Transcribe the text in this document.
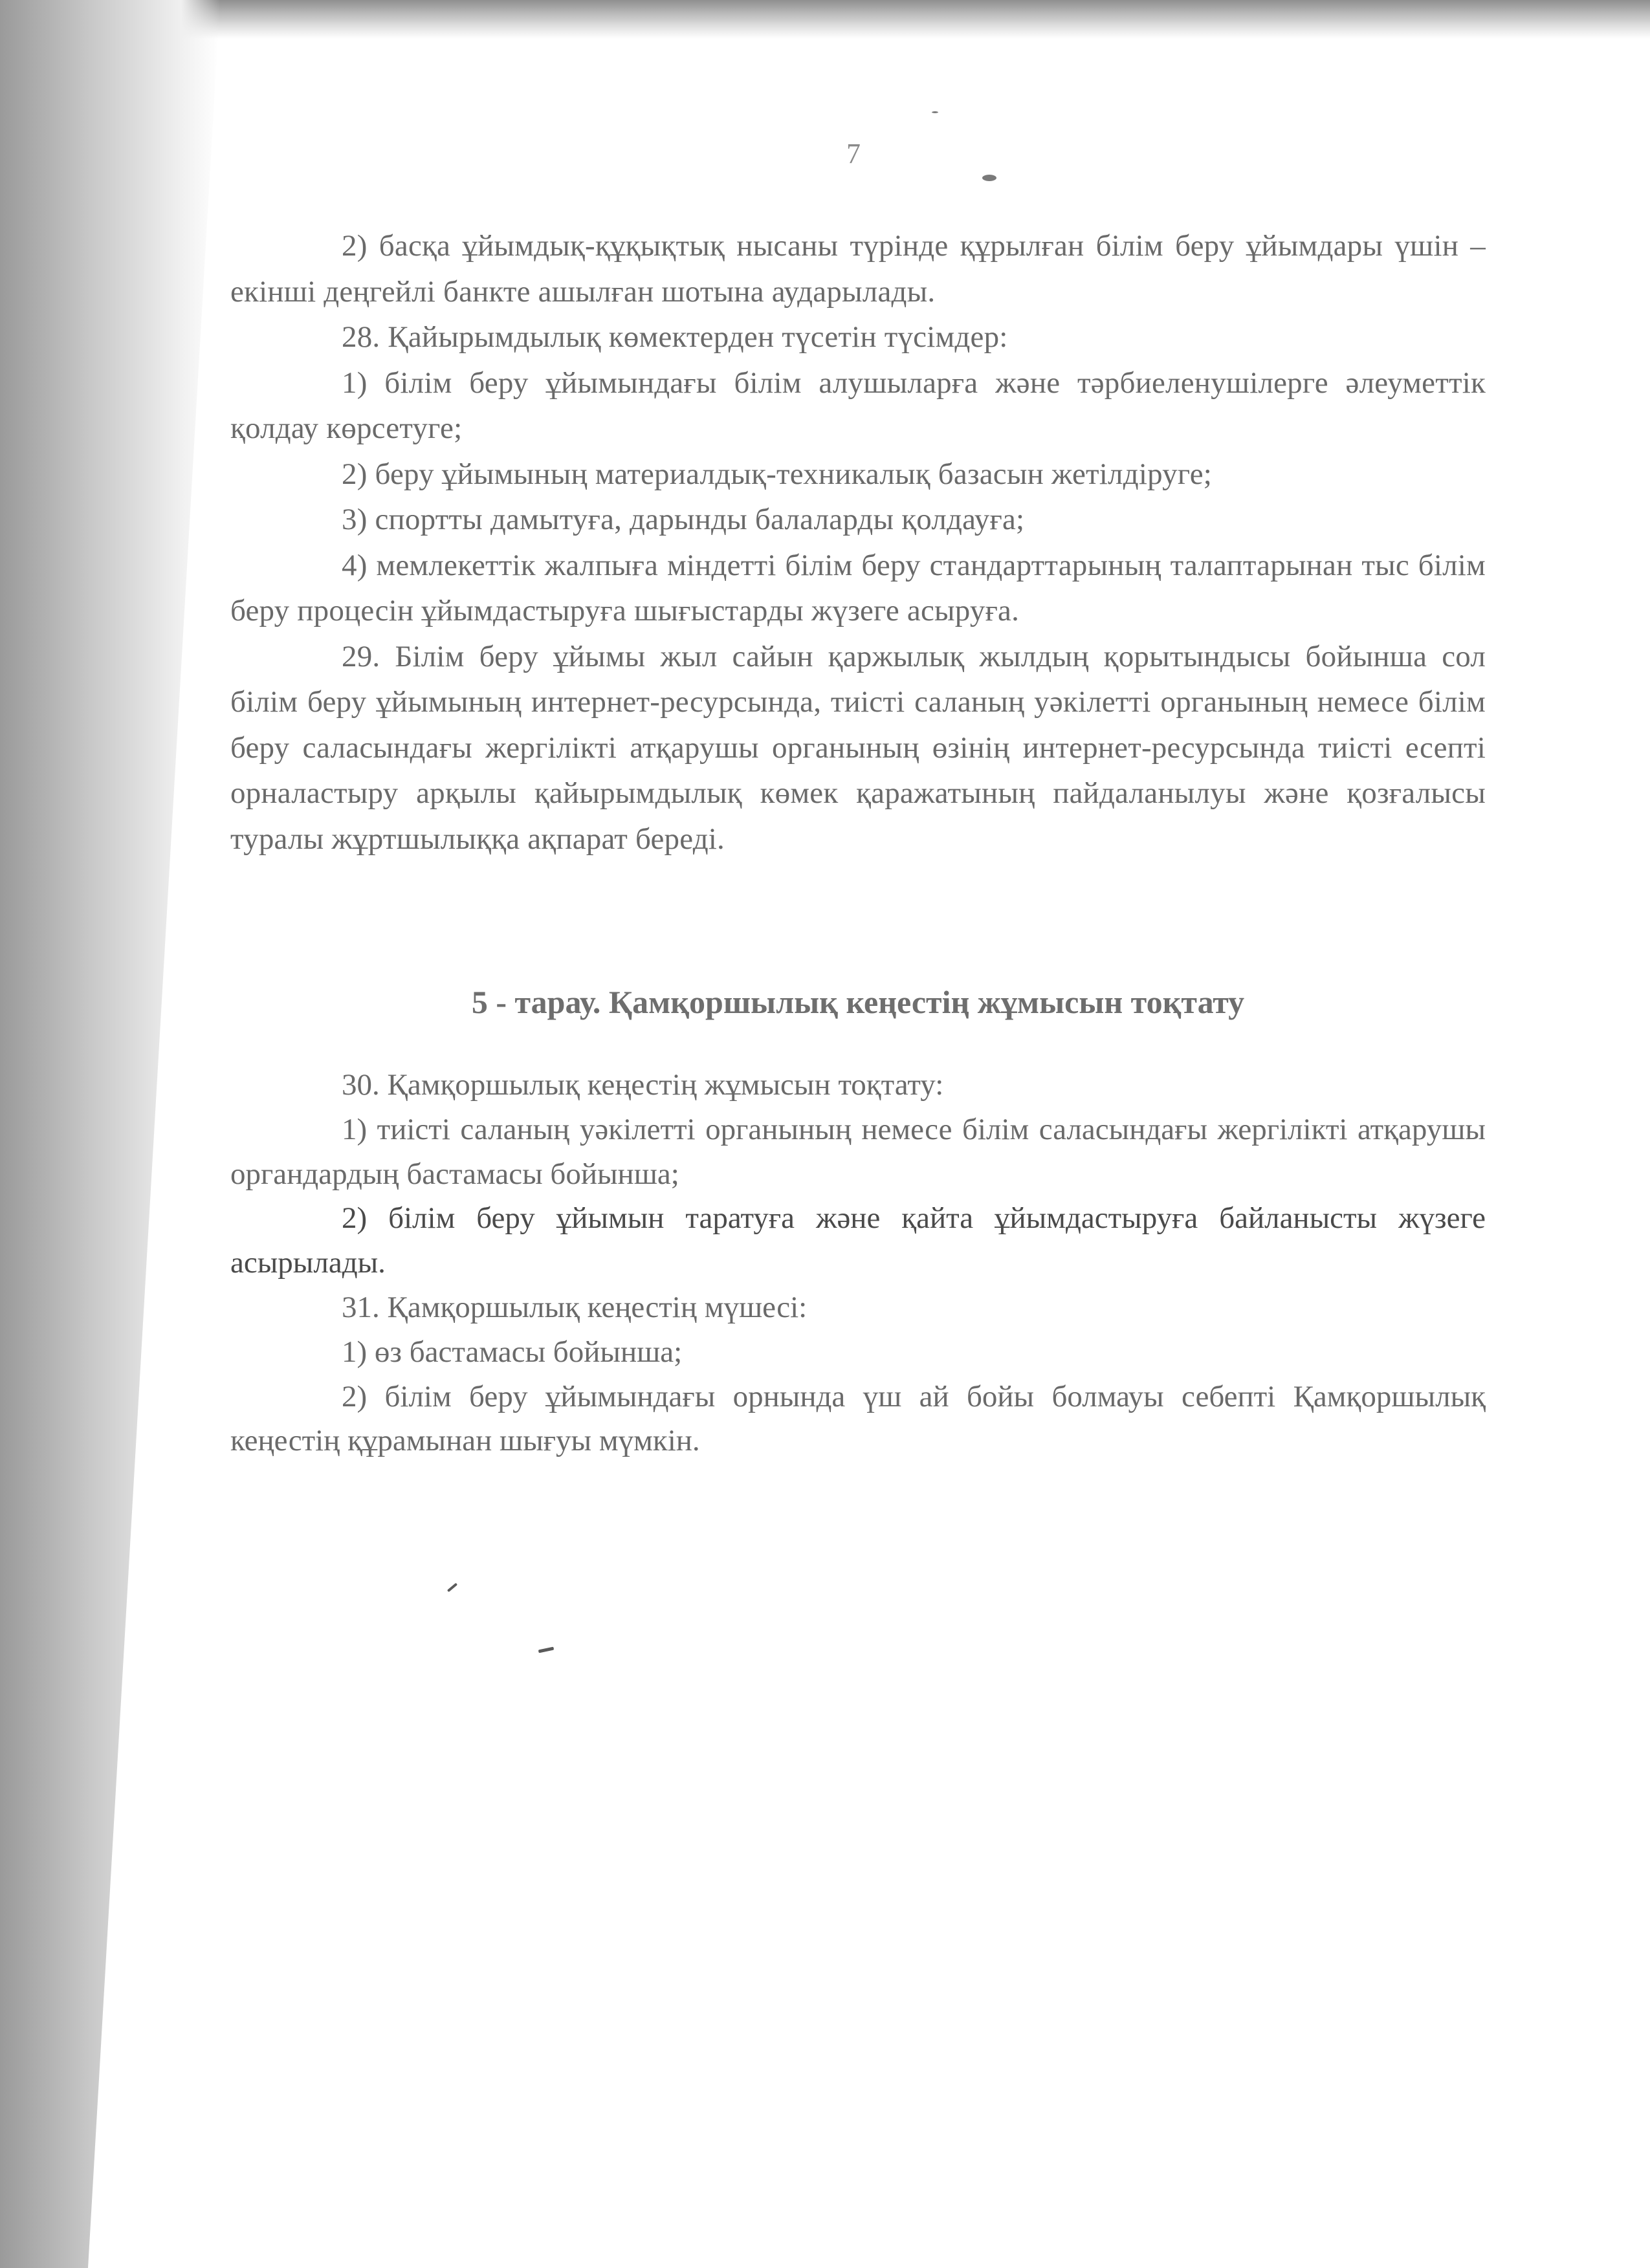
7

2) басқа ұйымдық-құқықтық нысаны түрінде құрылған білім беру ұйымдары үшін – екінші деңгейлі банкте ашылған шотына аударылады.

28. Қайырымдылық көмектерден түсетін түсімдер:

1) білім беру ұйымындағы білім алушыларға және тәрбиеленушілерге әлеуметтік қолдау көрсетуге;

2) беру ұйымының материалдық-техникалық базасын жетілдіруге;

3) спортты дамытуға, дарынды балаларды қолдауға;

4) мемлекеттік жалпыға міндетті білім беру стандарттарының талаптарынан тыс білім беру процесін ұйымдастыруға шығыстарды жүзеге асыруға.

29. Білім беру ұйымы жыл сайын қаржылық жылдың қорытындысы бойынша сол білім беру ұйымының интернет-ресурсында, тиісті саланың уәкілетті органының немесе білім беру саласындағы жергілікті атқарушы органының өзінің интернет-ресурсында тиісті есепті орналастыру арқылы қайырымдылық көмек қаражатының пайдаланылуы және қозғалысы туралы жұртшылыққа ақпарат береді.

5 - тарау. Қамқоршылық кеңестің жұмысын тоқтату

30. Қамқоршылық кеңестің жұмысын тоқтату:

1) тиісті саланың уәкілетті органының немесе білім саласындағы жергілікті атқарушы органдардың бастамасы бойынша;

2) білім беру ұйымын таратуға және қайта ұйымдастыруға байланысты жүзеге асырылады.

31. Қамқоршылық кеңестің мүшесі:

1) өз бастамасы бойынша;

2) білім беру ұйымындағы орнында үш ай бойы болмауы себепті Қамқоршылық кеңестің құрамынан шығуы мүмкін.
